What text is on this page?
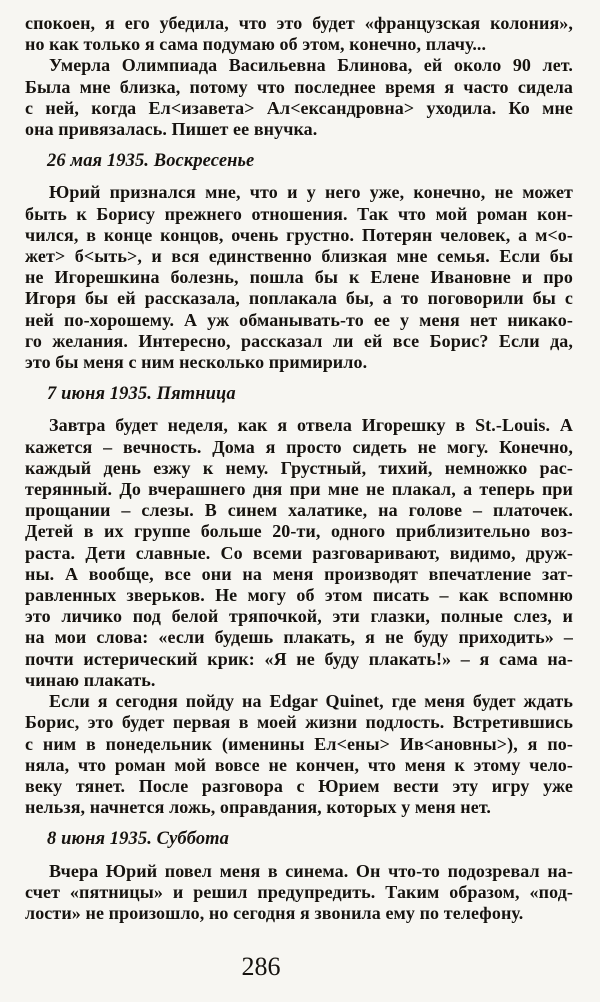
спокоен, я его убедила, что это будет «французская колония»,
но как только я сама подумаю об этом, конечно, плачу...
Умерла Олимпиада Васильевна Блинова, ей около 90 лет.
Была мне близка, потому что последнее время я часто сидела
с ней, когда Ел<изавета> Ал<ександровна> уходила. Ко мне
она привязалась. Пишет ее внучка.
26 мая 1935. Воскресенье
Юрий признался мне, что и у него уже, конечно, не может
быть к Борису прежнего отношения. Так что мой роман кон-
чился, в конце концов, очень грустно. Потерян человек, а м<о-
жет> б<ыть>, и вся единственно близкая мне семья. Если бы
не Игорешкина болезнь, пошла бы к Елене Ивановне и про
Игоря бы ей рассказала, поплакала бы, а то поговорили бы с
ней по-хорошему. А уж обманывать-то ее у меня нет никако-
го желания. Интересно, рассказал ли ей все Борис? Если да,
это бы меня с ним несколько примирило.
7 июня 1935. Пятница
Завтра будет неделя, как я отвела Игорешку в St.-Louis. А
кажется – вечность. Дома я просто сидеть не могу. Конечно,
каждый день езжу к нему. Грустный, тихий, немножко рас-
терянный. До вчерашнего дня при мне не плакал, а теперь при
прощании – слезы. В синем халатике, на голове – платочек.
Детей в их группе больше 20-ти, одного приблизительно воз-
раста. Дети славные. Со всеми разговаривают, видимо, друж-
ны. А вообще, все они на меня производят впечатление зат-
равленных зверьков. Не могу об этом писать – как вспомню
это личико под белой тряпочкой, эти глазки, полные слез, и
на мои слова: «если будешь плакать, я не буду приходить» –
почти истерический крик: «Я не буду плакать!» – я сама на-
чинаю плакать.
Если я сегодня пойду на Edgar Quinet, где меня будет ждать
Борис, это будет первая в моей жизни подлость. Встретившись
с ним в понедельник (именины Ел<ены> Ив<ановны>), я по-
няла, что роман мой вовсе не кончен, что меня к этому чело-
веку тянет. После разговора с Юрием вести эту игру уже
нельзя, начнется ложь, оправдания, которых у меня нет.
8 июня 1935. Суббота
Вчера Юрий повел меня в синема. Он что-то подозревал на-
счет «пятницы» и решил предупредить. Таким образом, «под-
лости» не произошло, но сегодня я звонила ему по телефону.
286
